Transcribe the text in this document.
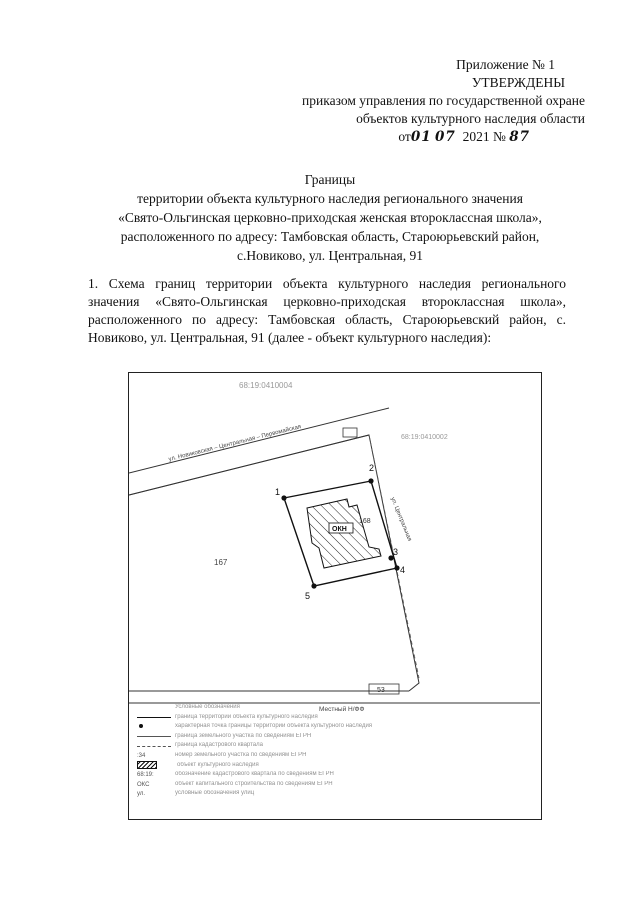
Приложение № 1
УТВЕРЖДЕНЫ
приказом управления по государственной охране
объектов культурного наследия области
от01 07 2021 № 87
Границы
территории объекта культурного наследия регионального значения
«Свято-Ольгинская церковно-приходская женская второклассная школа»,
расположенного по адресу: Тамбовская область, Староюрьевский район,
с.Новиково, ул. Центральная, 91
1. Схема границ территории объекта культурного наследия регионального значения «Свято-Ольгинская церковно-приходская второклассная школа», расположенного по адресу: Тамбовская область, Староюрьевский район, с. Новиково, ул. Центральная, 91 (далее - объект культурного наследия):
68:19:0410004
68:19:0410002
ул. Новиковская – Центральная – Первомайская
ул. Центральная
168
ОКН
167
53
Местный Н/ФФ
1
2
3
4
5
Условные обозначения
граница территории объекта культурного наследия
характерная точка границы территории объекта культурного наследия
граница земельного участка по сведениям ЕГРН
граница кадастрового квартала
:34	номер земельного участка по сведениям ЕГРН
объект культурного наследия
68:19:	обозначение кадастрового квартала по сведениям ЕГРН
ОКС	объект капитального строительства по сведениям ЕГРН
ул.	условные обозначения улиц
